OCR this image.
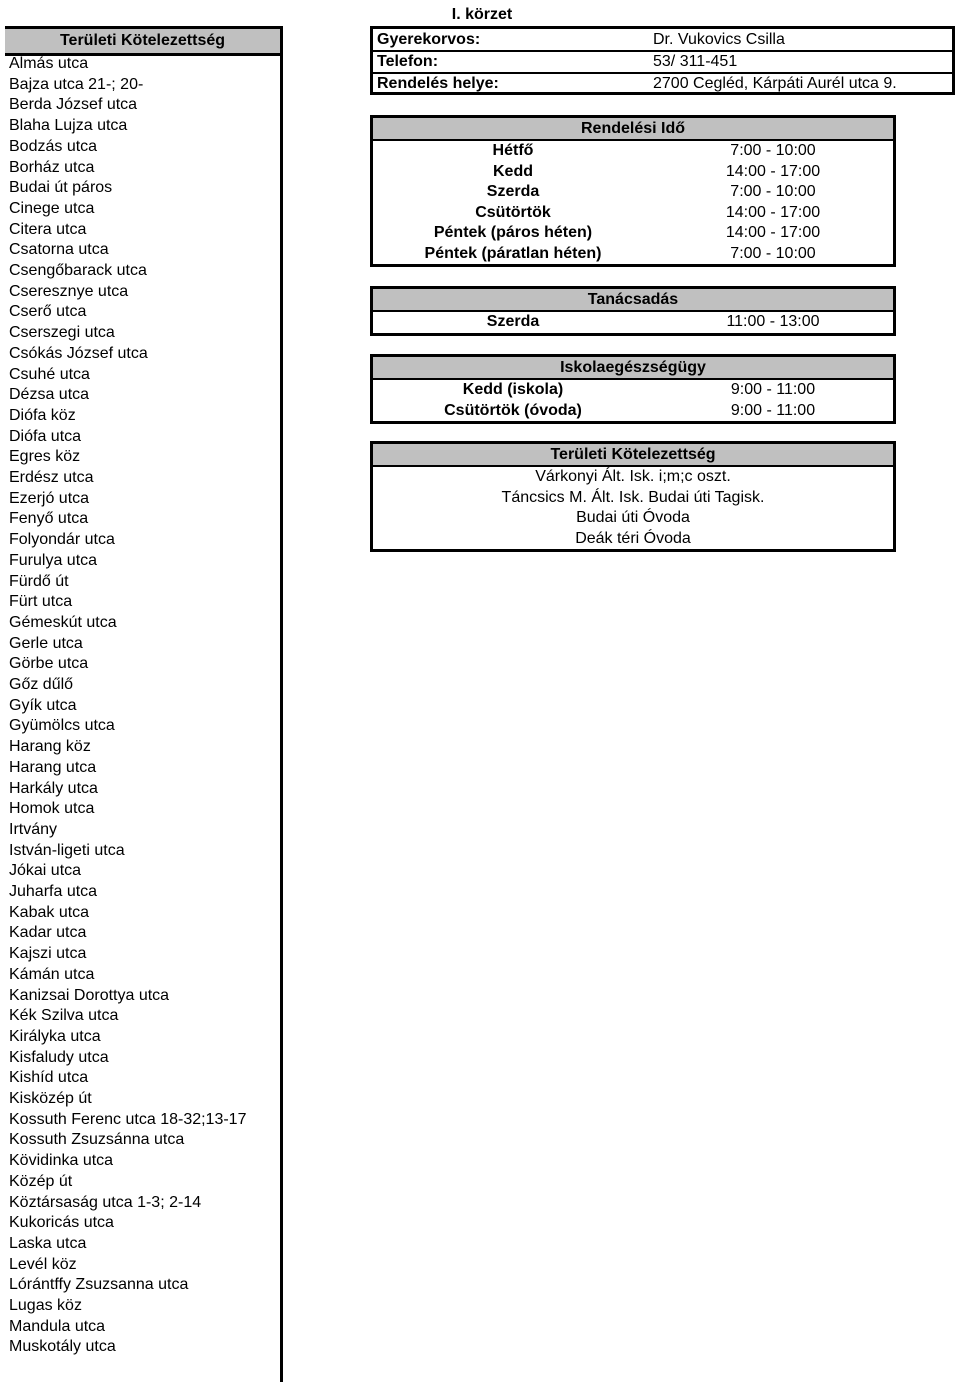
I. körzet
Területi Kötelezettség
Almás utca
Bajza utca 21-; 20-
Berda József utca
Blaha Lujza utca
Bodzás utca
Borház utca
Budai út páros
Cinege utca
Citera utca
Csatorna utca
Csengőbarack utca
Cseresznye utca
Cserő utca
Cserszegi utca
Csókás József utca
Csuhé utca
Dézsa utca
Diófa köz
Diófa utca
Egres köz
Erdész utca
Ezerjó utca
Fenyő utca
Folyondár utca
Furulya utca
Fürdő út
Fürt utca
Gémeskút utca
Gerle utca
Görbe utca
Gőz dűlő
Gyík utca
Gyümölcs utca
Harang köz
Harang utca
Harkály utca
Homok utca
Irtvány
István-ligeti utca
Jókai utca
Juharfa utca
Kabak utca
Kadar utca
Kajszi utca
Kámán utca
Kanizsai Dorottya utca
Kék Szilva utca
Királyka utca
Kisfaludy utca
Kishíd utca
Kisközép út
Kossuth Ferenc utca 18-32;13-17
Kossuth Zsuzsánna utca
Kövidinka utca
Közép út
Köztársaság utca 1-3; 2-14
Kukoricás utca
Laska utca
Levél köz
Lórántffy Zsuzsanna utca
Lugas köz
Mandula utca
Muskotály utca
Gyerekorvos:	Dr. Vukovics Csilla
Telefon:	53/ 311-451
Rendelés helye:	2700 Cegléd, Kárpáti Aurél utca 9.
Rendelési Idő
Hétfő	7:00 - 10:00
Kedd	14:00 - 17:00
Szerda	7:00 - 10:00
Csütörtök	14:00 - 17:00
Péntek (páros héten)	14:00 - 17:00
Péntek (páratlan héten)	7:00 - 10:00
Tanácsadás
Szerda	11:00 - 13:00
Iskolaegészségügy
Kedd (iskola)	9:00 - 11:00
Csütörtök (óvoda)	9:00 - 11:00
Területi Kötelezettség
Várkonyi Ált. Isk. i;m;c oszt.
Táncsics M. Ált. Isk. Budai úti Tagisk.
Budai úti Óvoda
Deák téri Óvoda
